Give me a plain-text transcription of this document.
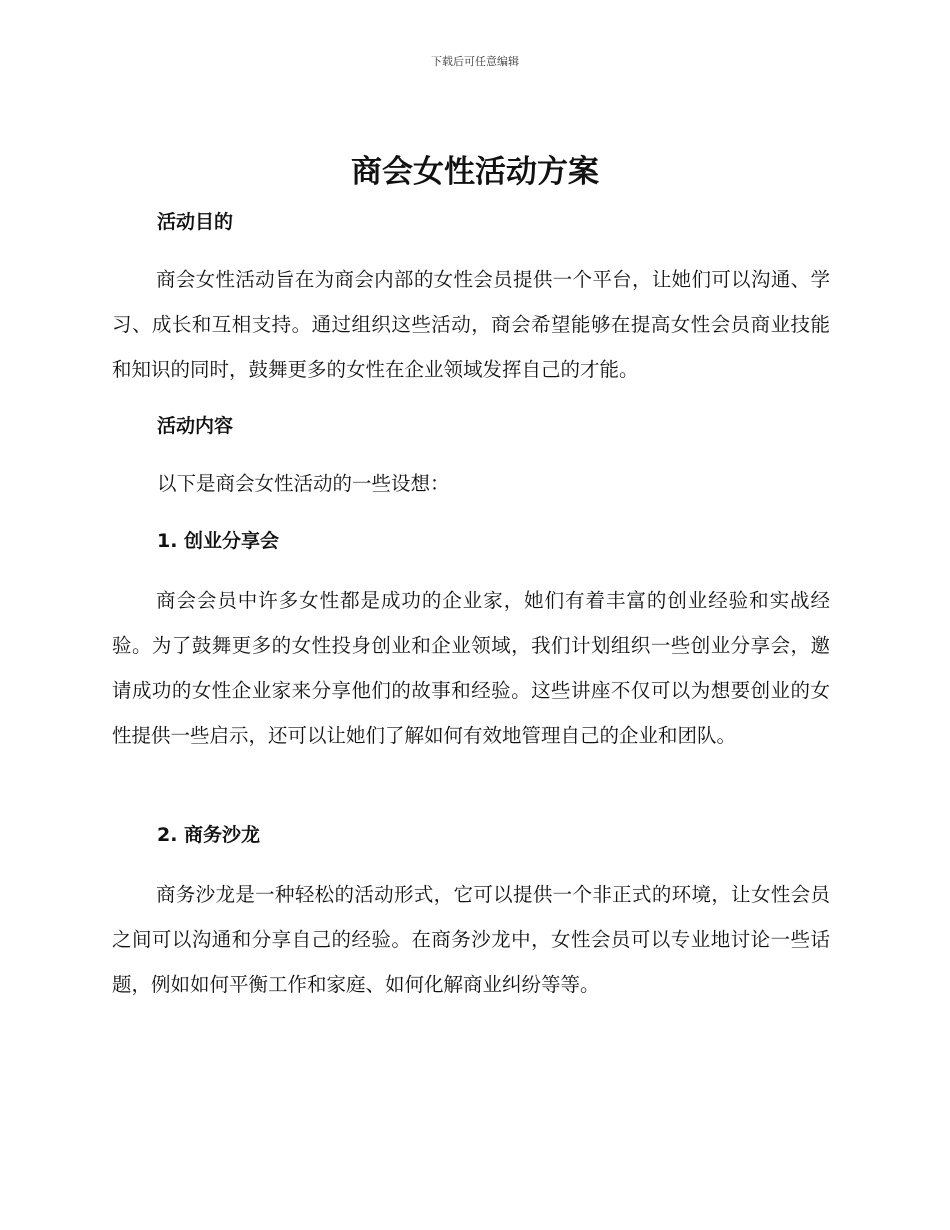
下载后可任意编辑
商会女性活动方案
活动目的

商会女性活动旨在为商会内部的女性会员提供一个平台，让她们可以沟通、学习、成长和互相支持。通过组织这些活动，商会希望能够在提高女性会员商业技能和知识的同时，鼓舞更多的女性在企业领域发挥自己的才能。

活动内容

以下是商会女性活动的一些设想：

1. 创业分享会

商会会员中许多女性都是成功的企业家，她们有着丰富的创业经验和实战经验。为了鼓舞更多的女性投身创业和企业领域，我们计划组织一些创业分享会，邀请成功的女性企业家来分享他们的故事和经验。这些讲座不仅可以为想要创业的女性提供一些启示，还可以让她们了解如何有效地管理自己的企业和团队。

2. 商务沙龙

商务沙龙是一种轻松的活动形式，它可以提供一个非正式的环境，让女性会员之间可以沟通和分享自己的经验。在商务沙龙中，女性会员可以专业地讨论一些话题，例如如何平衡工作和家庭、如何化解商业纠纷等等。
